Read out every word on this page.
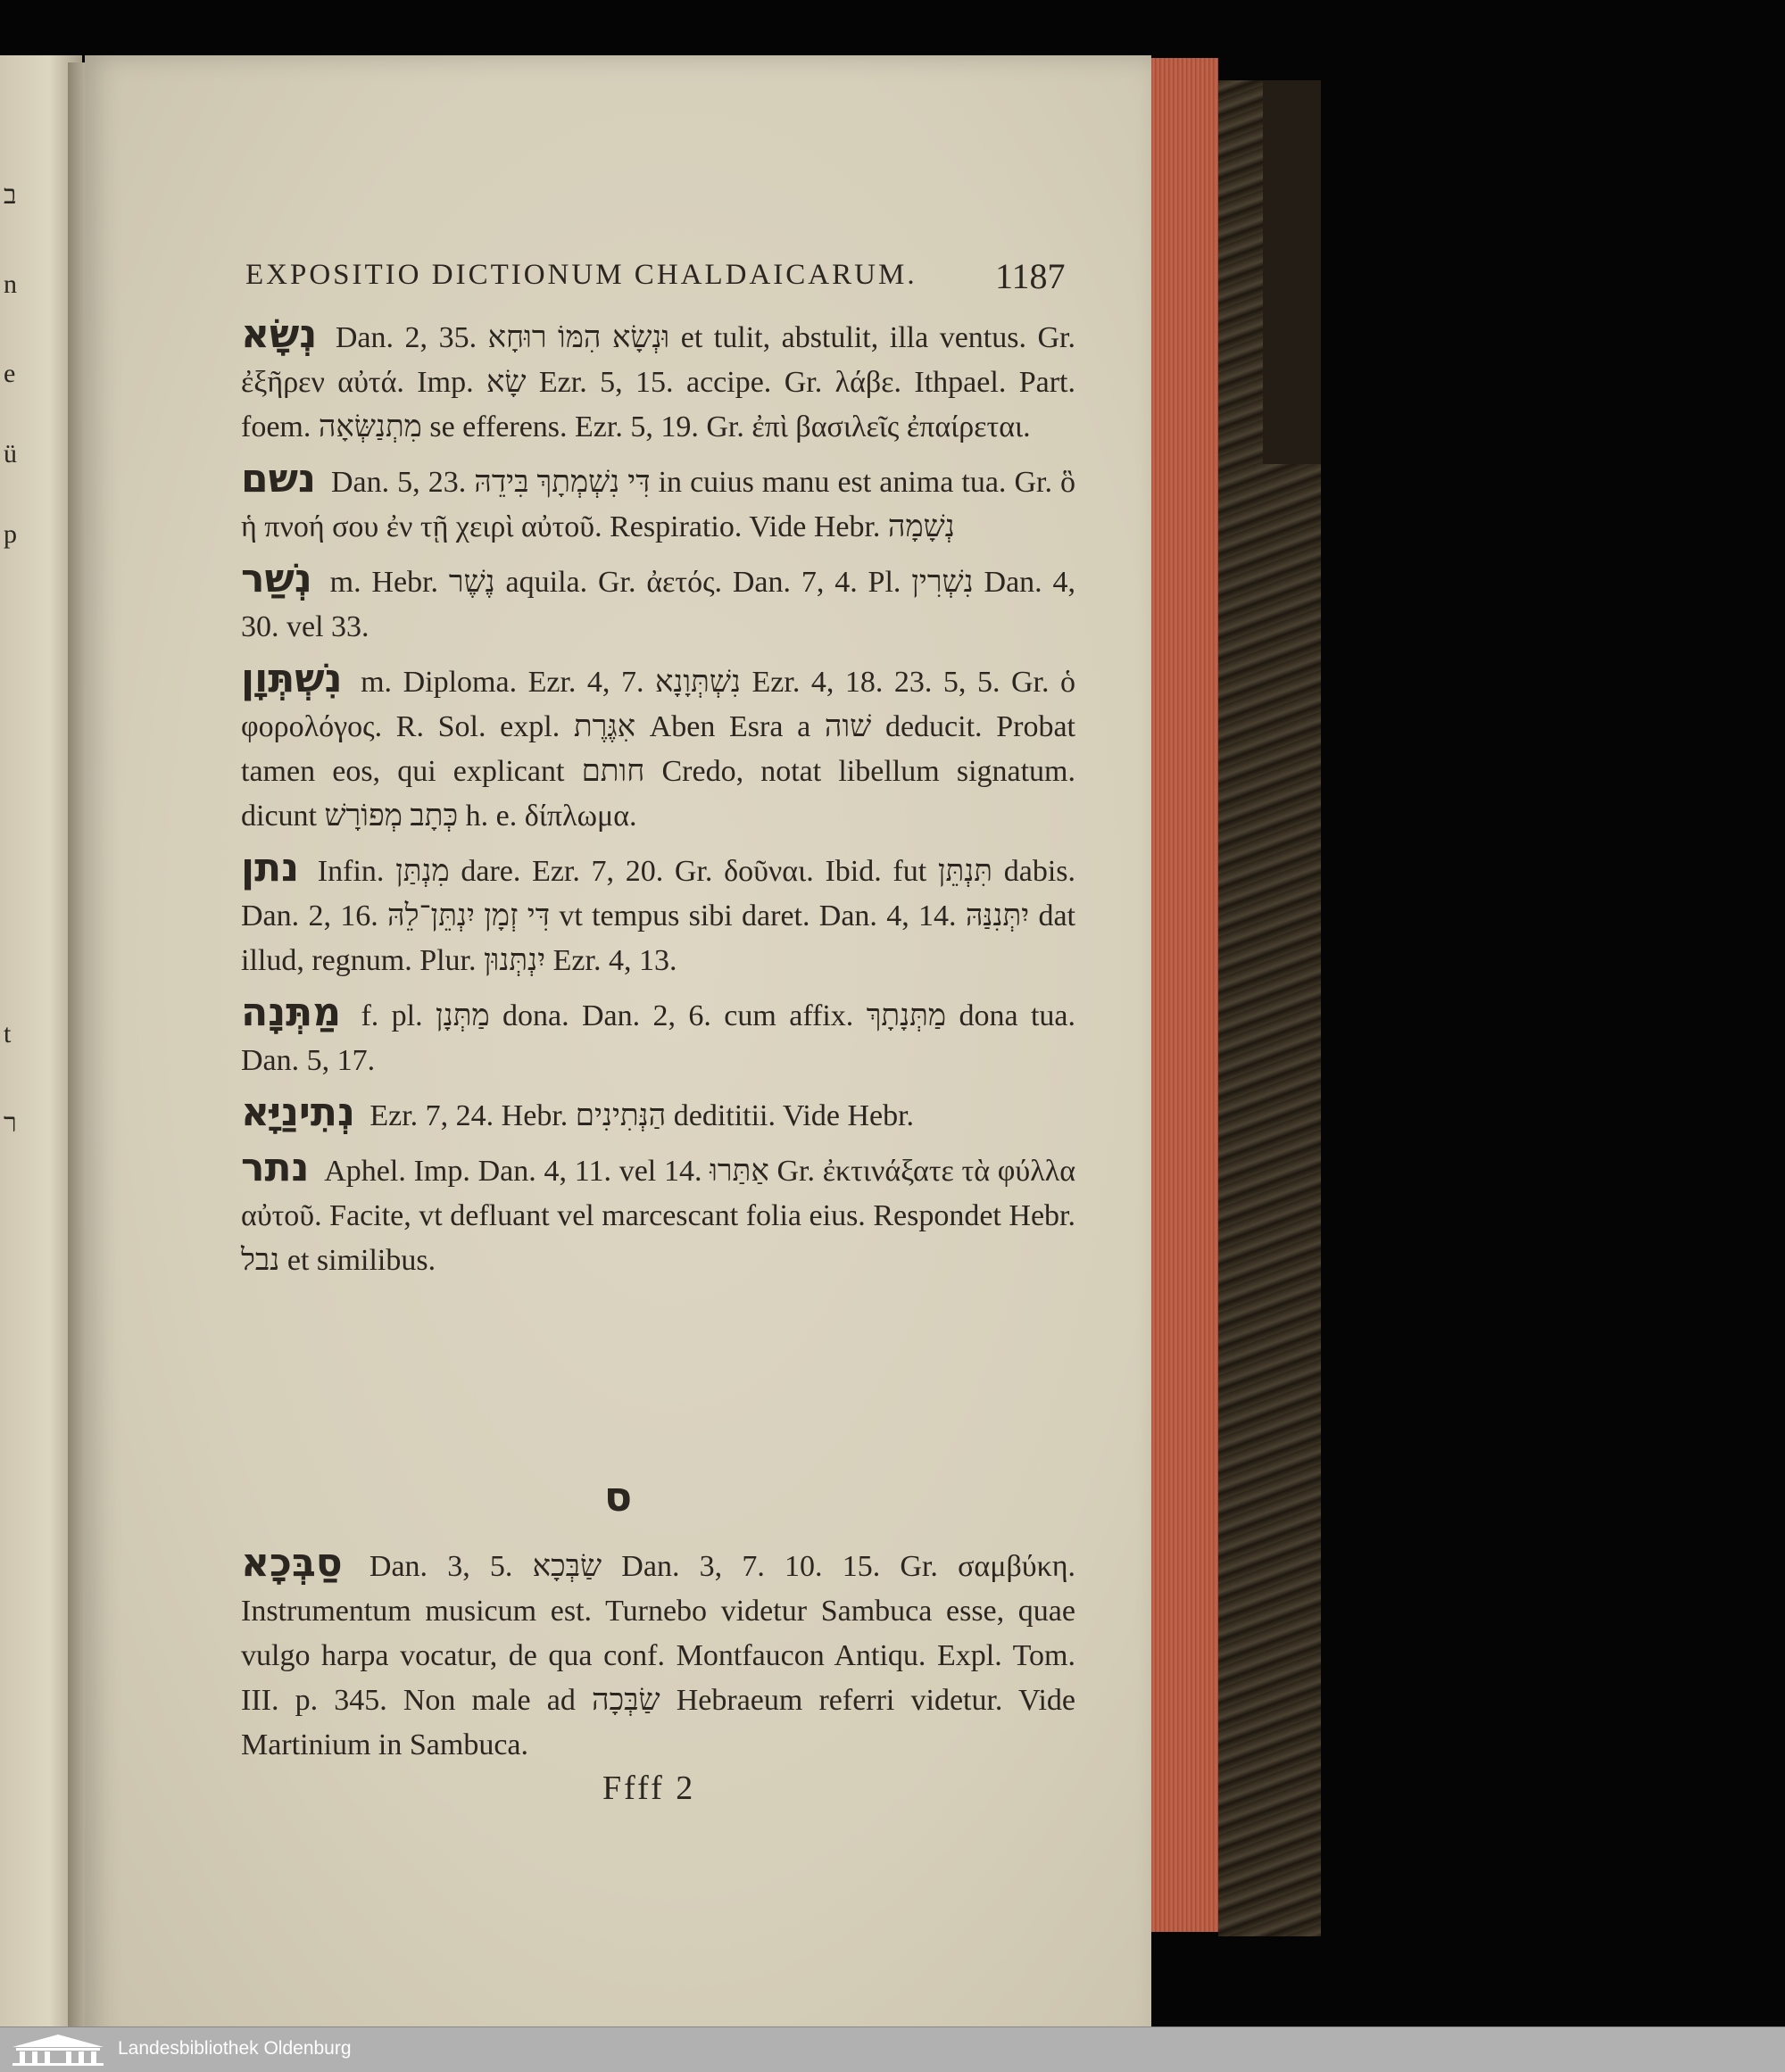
ב
n
e
ü
p
t
ר
EXPOSITIO DICTIONUM CHALDAICARUM. 1187

נְשָׂא Dan. 2, 35. וּנְשָׂא הִמּוֹ רוּחָא et tulit, abstulit, illa ventus. Gr. ἐξῆρεν αὐτά. Imp. שָׂא Ezr. 5, 15. accipe. Gr. λάβε. Ithpael. Part. foem. מִתְנַשְּׂאָה se efferens. Ezr. 5, 19. Gr. ἐπὶ βασιλεῖς ἐπαίρεται.

נשם Dan. 5, 23. דִּי נִשְׁמְתָךְ בִּידֵהּ in cuius manu est anima tua. Gr. ὃ ἡ πνοή σου ἐν τῇ χειρὶ αὐτοῦ. Respiratio. Vide Hebr. נְשָׁמָה

נְשַׁר m. Hebr. נֶשֶׁר aquila. Gr. ἀετός. Dan. 7, 4. Pl. נִשְׁרִין Dan. 4, 30. vel 33.

נִשְׁתְּוָן m. Diploma. Ezr. 4, 7. נִשְׁתְּוָנָא Ezr. 4, 18. 23. 5, 5. Gr. ὁ φορολόγος. R. Sol. expl. אִגֶּרֶת Aben Esra a שׁוה deducit. Probat tamen eos, qui explicant חותם Credo, notat libellum signatum. dicunt כְּתָב מְפוֹרָשׁ h. e. δίπλωμα.

נתן Infin. מִנְתַּן dare. Ezr. 7, 20. Gr. δοῦναι. Ibid. fut תִּנְתֵּן dabis. Dan. 2, 16. דִּי זְמָן יִנְתֵּן־לֵהּ vt tempus sibi daret. Dan. 4, 14. יִתְּנִנַּהּ dat illud, regnum. Plur. יִנְתְּנוּן Ezr. 4, 13.

מַתְּנָה f. pl. מַתְּנָן dona. Dan. 2, 6. cum affix. מַתְּנָתָךְ dona tua. Dan. 5, 17.

נְתִינַיָּא Ezr. 7, 24. Hebr. הַנְּתִינִים dedititii. Vide Hebr.

נתר Aphel. Imp. Dan. 4, 11. vel 14. אַתַּרוּ Gr. ἐκτινάξατε τὰ φύλλα αὐτοῦ. Facite, vt defluant vel marcescant folia eius. Respondet Hebr. נבל et similibus.

ס

סַבְּכָא Dan. 3, 5. שַׂבְּכָא Dan. 3, 7. 10. 15. Gr. σαμβύκη. Instrumentum musicum est. Turnebo videtur Sambuca esse, quae vulgo harpa vocatur, de qua conf. Montfaucon Antiqu. Expl. Tom. III. p. 345. Non male ad שַׂבְּכָה Hebraeum referri videtur. Vide Martinium in Sambuca.

Ffff 2
Landesbibliothek Oldenburg
